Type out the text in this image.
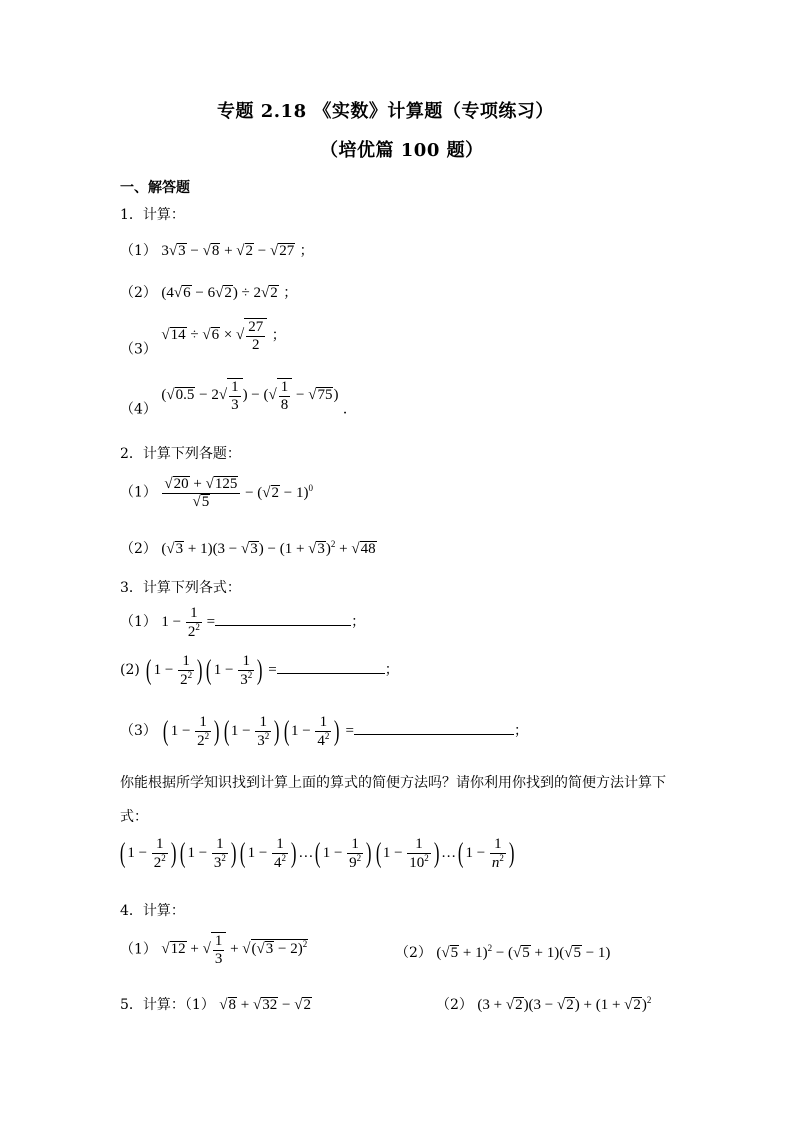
专题 2.18 《实数》计算题（专项练习）
（培优篇 100 题）
一、解答题
1．计算：
（1） 3√3 − √8 + √2 − √27 ；
（2） (4√6 − 6√2) ÷ 2√2 ；
（3） √14 ÷ √6 × √ $\frac{27}{2}$ ；
（4） ($√0.5 - 2√ \frac{1}{3}$ ) − (√ $\frac{1}{8} - √75$) ．
2．计算下列各题：
$(1) \frac{√20 + √125}{√5} - (√2 - 1)^0$
（2） $(√3 + 1)(3 - √3) - (1 + √3)^2 + √48$
3．计算下列各式：
（1） $1 - \frac{1}{2^2}$ =	；
(2) ( $1 - \frac{1}{2^2}$ ) ( $1 - \frac{1}{3^2}$ ) =	；
（3） ( $1 - \frac{1}{2^2}$ ) ( $1 - \frac{1}{3^2}$ ) ( $1 - \frac{1}{4^2}$ ) =	；
你能根据所学知识找到计算上面的算式的简便方法吗？请你利用你找到的简便方法计算下
式：
( $1 - \frac{1}{2^2}$ ) ( $1 - \frac{1}{3^2}$ ) ( $1 - \frac{1}{4^2}$ ) …( $1 - \frac{1}{9^2}$ ) ( $1 - \frac{1}{10^2}$ ) …( $1 - \frac{1}{n^2}$ )
4．计算：
（1） √12 + √ $\frac{1}{3} + √(√3 - 2)^2$
（2） $(√5 + 1)^2 - (√5 + 1)(√5 - 1)$
5．计算：（1） √8 + √32 − √2	（2） $(3 + √2)(3 - √2) + (1 + √2)^2$
